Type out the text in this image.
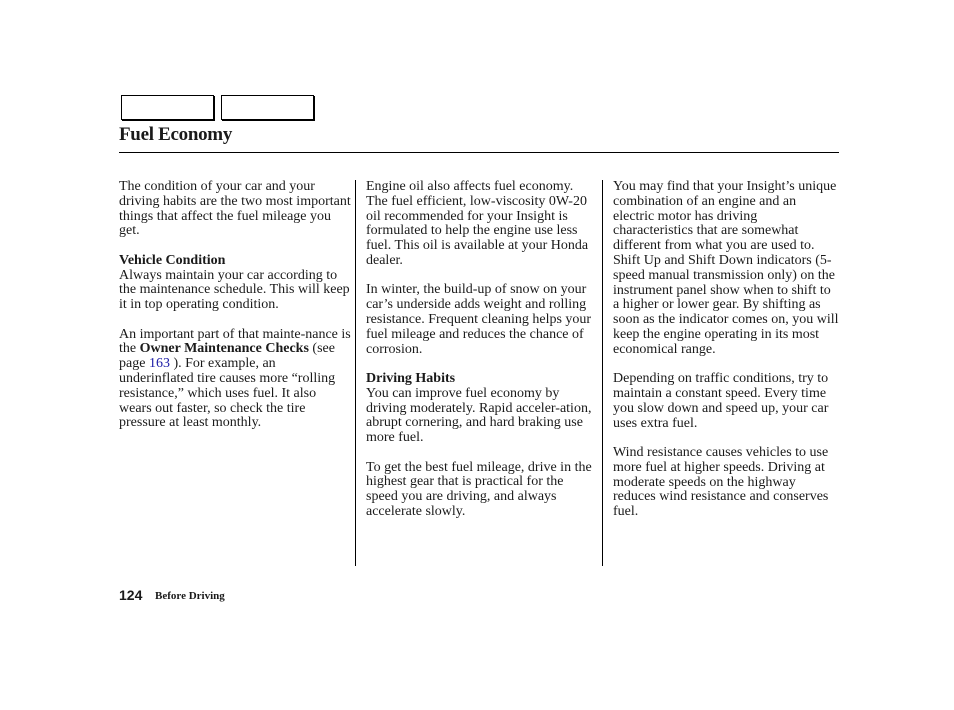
Fuel Economy

The condition of your car and your driving habits are the two most important things that affect the fuel mileage you get.

Vehicle Condition

Always maintain your car according to the maintenance schedule. This will keep it in top operating condition.

An important part of that mainte-nance is the Owner Maintenance Checks (see page 163 ). For example, an underinflated tire causes more “rolling resistance,” which uses fuel. It also wears out faster, so check the tire pressure at least monthly.

Engine oil also affects fuel economy. The fuel efficient, low-viscosity 0W-20 oil recommended for your Insight is formulated to help the engine use less fuel. This oil is available at your Honda dealer.

In winter, the build-up of snow on your car’s underside adds weight and rolling resistance. Frequent cleaning helps your fuel mileage and reduces the chance of corrosion.

Driving Habits

You can improve fuel economy by driving moderately. Rapid acceler-ation, abrupt cornering, and hard braking use more fuel.

To get the best fuel mileage, drive in the highest gear that is practical for the speed you are driving, and always accelerate slowly.

You may find that your Insight’s unique combination of an engine and an electric motor has driving characteristics that are somewhat different from what you are used to. Shift Up and Shift Down indicators (5-speed manual transmission only) on the instrument panel show when to shift to a higher or lower gear. By shifting as soon as the indicator comes on, you will keep the engine operating in its most economical range.

Depending on traffic conditions, try to maintain a constant speed. Every time you slow down and speed up, your car uses extra fuel.

Wind resistance causes vehicles to use more fuel at higher speeds. Driving at moderate speeds on the highway reduces wind resistance and conserves fuel.

124 Before Driving
